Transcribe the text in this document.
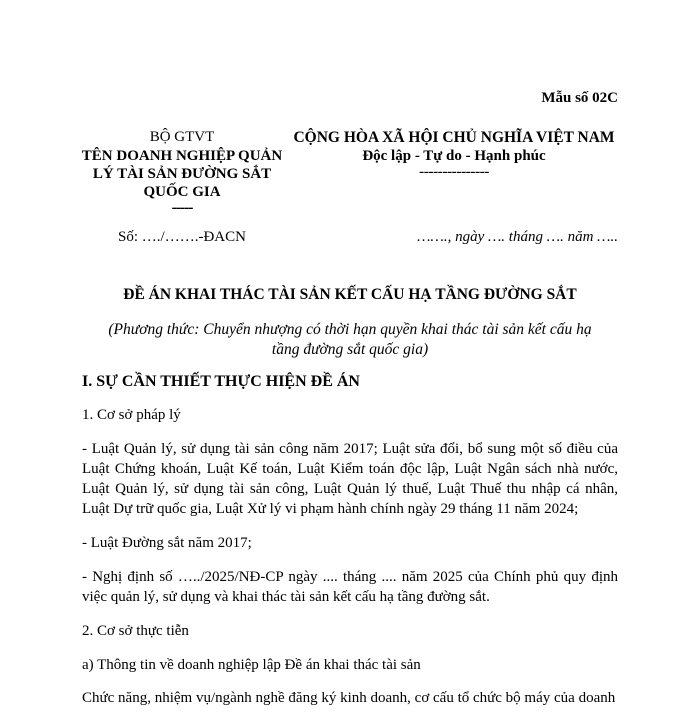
Mẫu số 02C
BỘ GTVT
TÊN DOANH NGHIỆP QUẢN
LÝ TÀI SẢN ĐƯỜNG SẮT
QUỐC GIA
-----
CỘNG HÒA XÃ HỘI CHỦ NGHĨA VIỆT NAM
Độc lập - Tự do - Hạnh phúc
---------------
Số: …./…….-ĐACN	……., ngày …. tháng …. năm …..
ĐỀ ÁN KHAI THÁC TÀI SẢN KẾT CẤU HẠ TẦNG ĐƯỜNG SẮT
(Phương thức: Chuyển nhượng có thời hạn quyền khai thác tài sản kết cấu hạ tầng đường sắt quốc gia)
I. SỰ CẦN THIẾT THỰC HIỆN ĐỀ ÁN
1. Cơ sở pháp lý
- Luật Quản lý, sử dụng tài sản công năm 2017; Luật sửa đổi, bổ sung một số điều của Luật Chứng khoán, Luật Kế toán, Luật Kiểm toán độc lập, Luật Ngân sách nhà nước, Luật Quản lý, sử dụng tài sản công, Luật Quản lý thuế, Luật Thuế thu nhập cá nhân, Luật Dự trữ quốc gia, Luật Xử lý vi phạm hành chính ngày 29 tháng 11 năm 2024;
- Luật Đường sắt năm 2017;
- Nghị định số …../2025/NĐ-CP ngày .... tháng .... năm 2025 của Chính phủ quy định việc quản lý, sử dụng và khai thác tài sản kết cấu hạ tầng đường sắt.
2. Cơ sở thực tiễn
a) Thông tin về doanh nghiệp lập Đề án khai thác tài sản
Chức năng, nhiệm vụ/ngành nghề đăng ký kinh doanh, cơ cấu tổ chức bộ máy của doanh
